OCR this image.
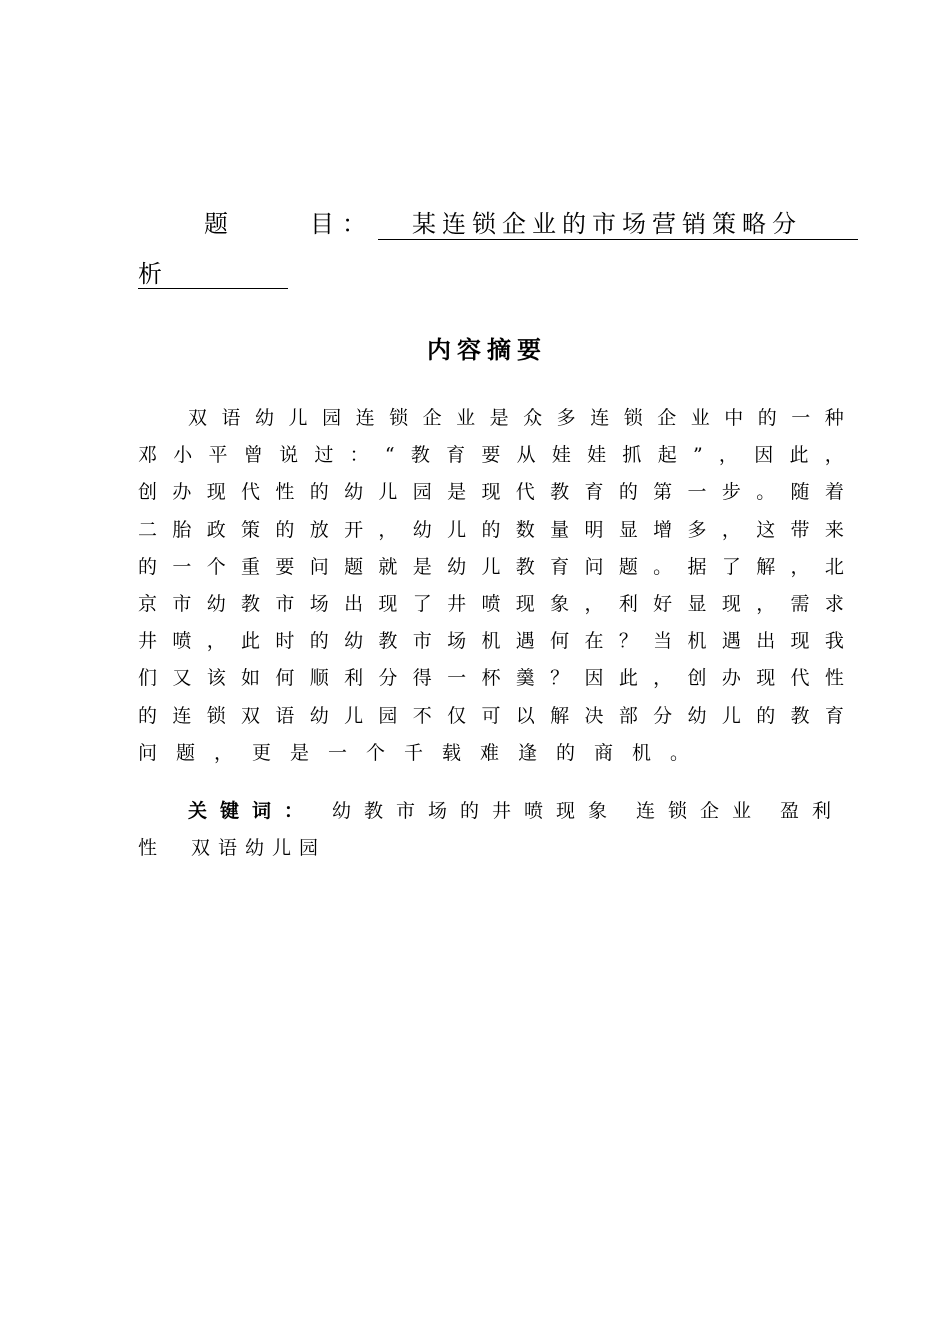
题	目 ：	某连锁企业的市场营销策略分
析
内容摘要
双 语 幼 儿 园 连 锁 企 业 是 众 多 连 锁 企 业 中 的 一 种
邓 小 平 曾 说 过 ： “ 教 育 要 从 娃 娃 抓 起 ” ， 因 此 ，
创 办 现 代 性 的 幼 儿 园 是 现 代 教 育 的 第 一 步 。 随 着
二 胎 政 策 的 放 开 ， 幼 儿 的 数 量 明 显 增 多 ， 这 带 来
的 一 个 重 要 问 题 就 是 幼 儿 教 育 问 题 。 据 了 解 ， 北
京 市 幼 教 市 场 出 现 了 井 喷 现 象 ， 利 好 显 现 ， 需 求
井 喷 ， 此 时 的 幼 教 市 场 机 遇 何 在 ？ 当 机 遇 出 现 我
们 又 该 如 何 顺 利 分 得 一 杯 羹 ？ 因 此 ， 创 办 现 代 性
的 连 锁 双 语 幼 儿 园 不 仅 可 以 解 决 部 分 幼 儿 的 教 育
问题，更是一个千载难逢的商机。
关键词： 幼教市场的井喷现象 连锁企业 盈利
性 双语幼儿园
